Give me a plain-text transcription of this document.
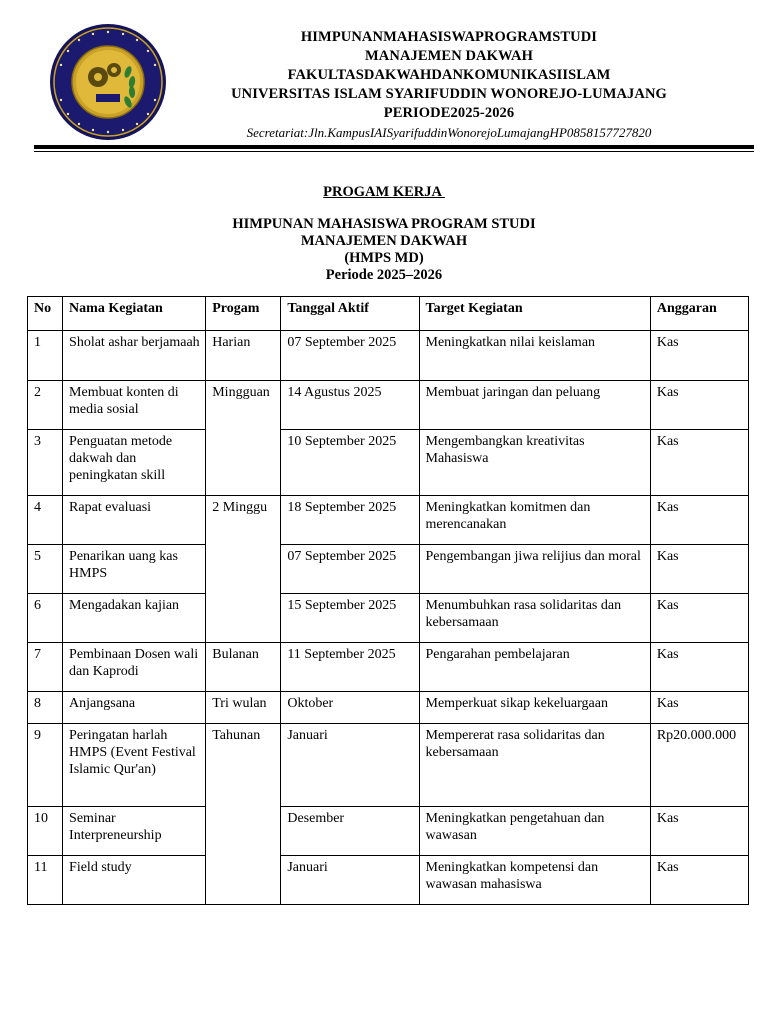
HIMPUNANMAHASISWAPROGRAMSTUDI
MANAJEMEN DAKWAH
FAKULTASDAKWAHDANKOMUNIKASIISLAM
UNIVERSITAS ISLAM SYARIFUDDIN WONOREJO-LUMAJANG
PERIODE2025-2026
Secretariat:Jln.KampusIAISyarifuddinWonorejoLumajangHP0858157727820
PROGAM KERJA
HIMPUNAN MAHASISWA PROGRAM STUDI
MANAJEMEN DAKWAH
(HMPS MD)
Periode 2025–2026
No	Nama Kegiatan	Progam	Tanggal Aktif	Target Kegiatan	Anggaran
1	Sholat ashar berjamaah	Harian	07 September 2025	Meningkatkan nilai keislaman	Kas
2	Membuat konten di media sosial	Mingguan	14 Agustus 2025	Membuat jaringan dan peluang	Kas
3	Penguatan metode dakwah dan peningkatan skill		10 September 2025	Mengembangkan kreativitas Mahasiswa	Kas
4	Rapat evaluasi	2 Minggu	18 September 2025	Meningkatkan komitmen dan merencanakan	Kas
5	Penarikan uang kas HMPS		07 September 2025	Pengembangan jiwa relijius dan moral	Kas
6	Mengadakan kajian		15 September 2025	Menumbuhkan rasa solidaritas dan kebersamaan	Kas
7	Pembinaan Dosen wali dan Kaprodi	Bulanan	11 September 2025	Pengarahan pembelajaran	Kas
8	Anjangsana	Tri wulan	Oktober	Memperkuat sikap kekeluargaan	Kas
9	Peringatan harlah HMPS (Event Festival Islamic Qur'an)	Tahunan	Januari	Mempererat rasa solidaritas dan kebersamaan	Rp20.000.000
10	Seminar Interpreneurship		Desember	Meningkatkan pengetahuan dan wawasan	Kas
11	Field study		Januari	Meningkatkan kompetensi dan wawasan mahasiswa	Kas
